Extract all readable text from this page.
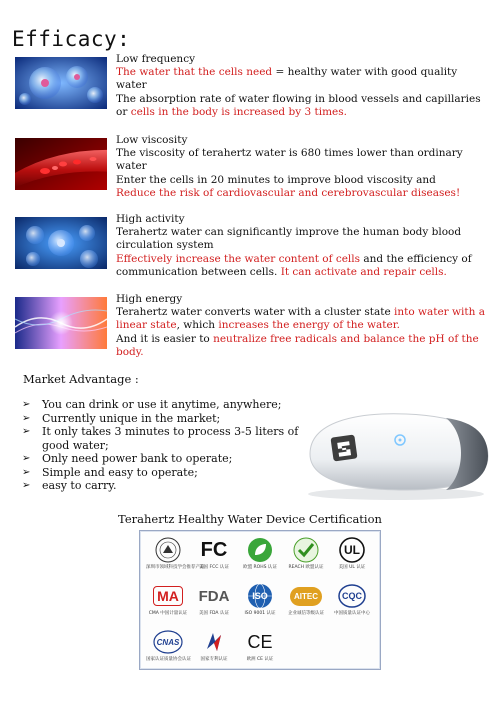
Efficacy:
Low frequency
The water that the cells need = healthy water with good quality water
The absorption rate of water flowing in blood vessels and capillaries or cells in the body is increased by 3 times.
Low viscosity
The viscosity of terahertz water is 680 times lower than ordinary water
Enter the cells in 20 minutes to improve blood viscosity and
Reduce the risk of cardiovascular and cerebrovascular diseases!
High activity
Terahertz water can significantly improve the human body blood circulation system
Effectively increase the water content of cells and the efficiency of communication between cells. It can activate and repair cells.
High energy
Terahertz water converts water with a cluster state into water with a linear state, which increases the energy of the water.
And it is easier to neutralize free radicals and balance the pH of the body.
Market Advantage :
➢ You can drink or use it anytime, anywhere;
➢ Currently unique in the market;
➢ It only takes 3 minutes to process 3-5 liters of good water;
➢ Only need power bank to operate;
➢ Simple and easy to operate;
➢ easy to carry.
Terahertz Healthy Water Device Certification
深圳市领域科技学会推荐产品
FC
美国 FCC 认证	欧盟 ROHS 认证	REACH 欧盟认证
UL
美国 UL 认证
MA
CMA 中国计量认证
FDA
美国 FDA 认证
ISO
ISO 9001 认证
AITEC
企业诚信等级认证
CQC
中国质量认证中心
CNAS
国家认证质量协会认证	国家专利认证
CE
欧洲 CE 认证
